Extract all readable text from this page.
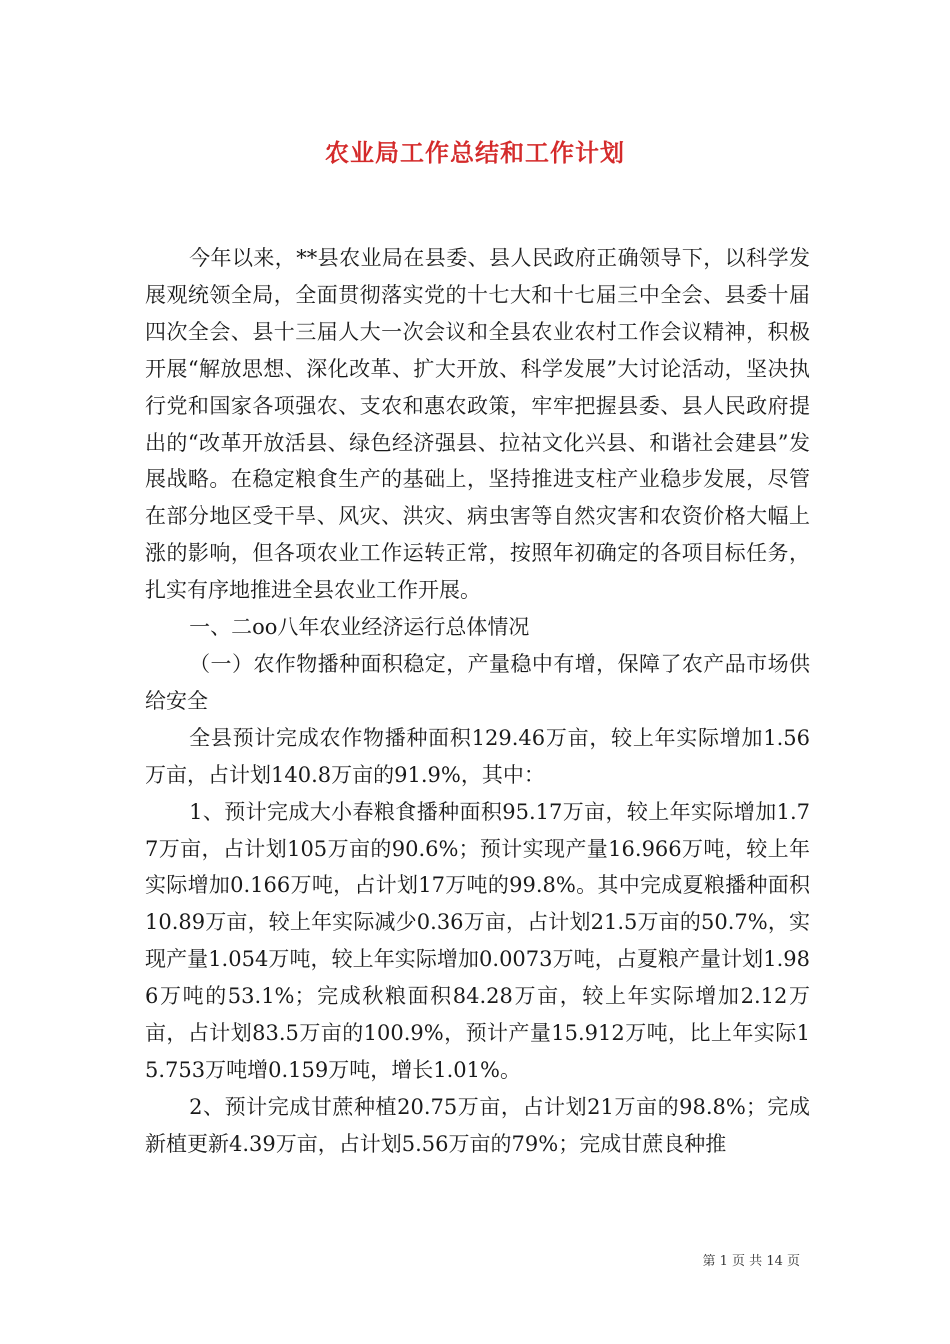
农业局工作总结和工作计划

今年以来，**县农业局在县委、县人民政府正确领导下，以科学发展观统领全局，全面贯彻落实党的十七大和十七届三中全会、县委十届四次全会、县十三届人大一次会议和全县农业农村工作会议精神，积极开展“解放思想、深化改革、扩大开放、科学发展”大讨论活动，坚决执行党和国家各项强农、支农和惠农政策，牢牢把握县委、县人民政府提出的“改革开放活县、绿色经济强县、拉祜文化兴县、和谐社会建县”发展战略。在稳定粮食生产的基础上，坚持推进支柱产业稳步发展，尽管在部分地区受干旱、风灾、洪灾、病虫害等自然灾害和农资价格大幅上涨的影响，但各项农业工作运转正常，按照年初确定的各项目标任务，扎实有序地推进全县农业工作开展。

一、二oo八年农业经济运行总体情况

（一）农作物播种面积稳定，产量稳中有增，保障了农产品市场供给安全

全县预计完成农作物播种面积129.46万亩，较上年实际增加1.56万亩，占计划140.8万亩的91.9%，其中：

1、预计完成大小春粮食播种面积95.17万亩，较上年实际增加1.77万亩，占计划105万亩的90.6%；预计实现产量16.966万吨，较上年实际增加0.166万吨，占计划17万吨的99.8%。其中完成夏粮播种面积10.89万亩，较上年实际减少0.36万亩，占计划21.5万亩的50.7%，实现产量1.054万吨，较上年实际增加0.0073万吨，占夏粮产量计划1.986万吨的53.1%；完成秋粮面积84.28万亩，较上年实际增加2.12万亩，占计划83.5万亩的100.9%，预计产量15.912万吨，比上年实际15.753万吨增0.159万吨，增长1.01%。

2、预计完成甘蔗种植20.75万亩，占计划21万亩的98.8%；完成新植更新4.39万亩，占计划5.56万亩的79%；完成甘蔗良种推

第 1 页 共 14 页
